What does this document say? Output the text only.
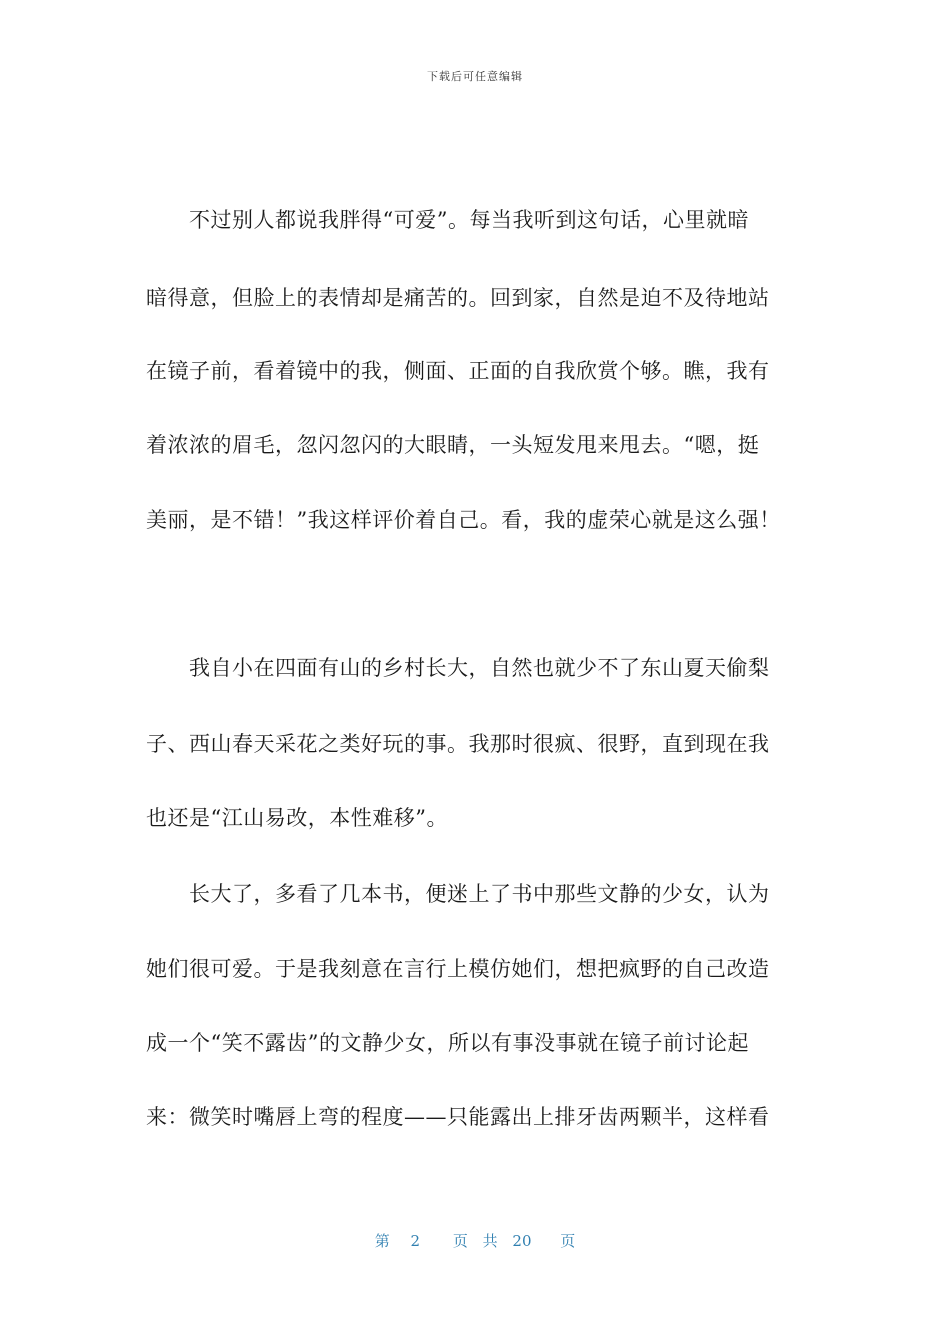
下载后可任意编辑
　　不过别人都说我胖得“可爱”。每当我听到这句话，心里就暗
暗得意，但脸上的表情却是痛苦的。回到家，自然是迫不及待地站
在镜子前，看着镜中的我，侧面、正面的自我欣赏个够。瞧，我有
着浓浓的眉毛，忽闪忽闪的大眼睛，一头短发甩来甩去。“嗯，挺
美丽，是不错！”我这样评价着自己。看，我的虚荣心就是这么强！
　　我自小在四面有山的乡村长大，自然也就少不了东山夏天偷梨
子、西山春天采花之类好玩的事。我那时很疯、很野，直到现在我
也还是“江山易改，本性难移”。
　　长大了，多看了几本书，便迷上了书中那些文静的少女，认为
她们很可爱。于是我刻意在言行上模仿她们，想把疯野的自己改造
成一个“笑不露齿”的文静少女，所以有事没事就在镜子前讨论起
来：微笑时嘴唇上弯的程度——只能露出上排牙齿两颗半，这样看
第 2 页 共 20 页
